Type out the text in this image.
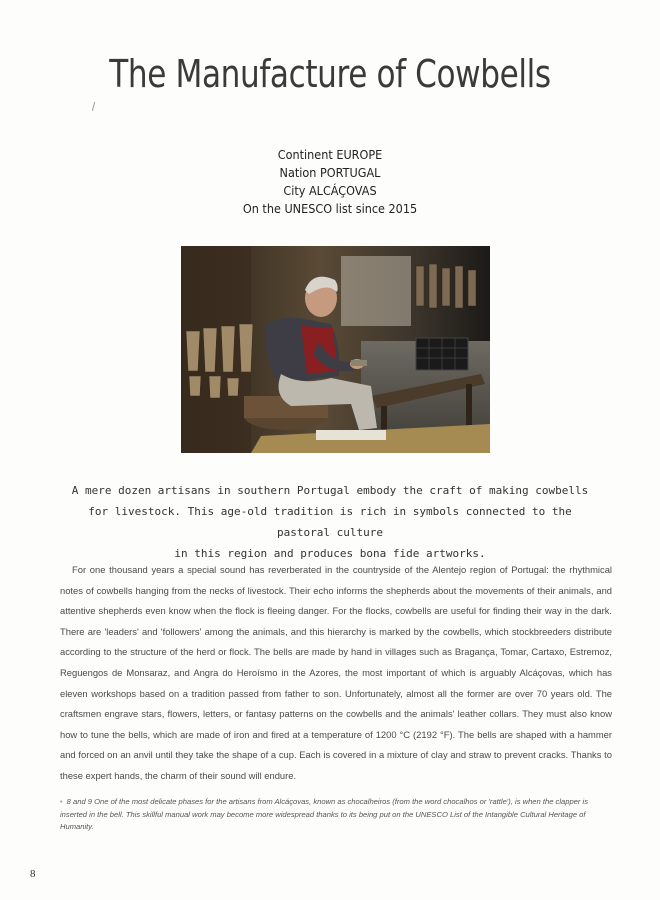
The Manufacture of Cowbells
Continent EUROPE
Nation PORTUGAL
City ALCÁÇOVAS
On the UNESCO list since 2015
A mere dozen artisans in southern Portugal embody the craft of making cowbells
for livestock. This age-old tradition is rich in symbols connected to the pastoral culture
in this region and produces bona fide artworks.
For one thousand years a special sound has reverberated in the countryside of the Alentejo region of Portugal: the rhythmical notes of cowbells hanging from the necks of livestock. Their echo informs the shepherds about the movements of their animals, and attentive shepherds even know when the flock is fleeing danger. For the flocks, cowbells are useful for finding their way in the dark. There are 'leaders' and 'followers' among the animals, and this hierarchy is marked by the cowbells, which stockbreeders distribute according to the structure of the herd or flock. The bells are made by hand in villages such as Bragança, Tomar, Cartaxo, Estremoz, Reguengos de Monsaraz, and Angra do Heroísmo in the Azores, the most important of which is arguably Alcáçovas, which has eleven workshops based on a tradition passed from father to son. Unfortunately, almost all the former are over 70 years old. The craftsmen engrave stars, flowers, letters, or fantasy patterns on the cowbells and the animals' leather collars. They must also know how to tune the bells, which are made of iron and fired at a temperature of 1200 °C (2192 °F). The bells are shaped with a hammer and forced on an anvil until they take the shape of a cup. Each is covered in a mixture of clay and straw to prevent cracks. Thanks to these expert hands, the charm of their sound will endure.
• 8 and 9 One of the most delicate phases for the artisans from Alcáçovas, known as chocalheiros (from the word chocalhos or 'rattle'), is when the clapper is inserted in the bell. This skillful manual work may become more widespread thanks to its being put on the UNESCO List of the Intangible Cultural Heritage of Humanity.
8
